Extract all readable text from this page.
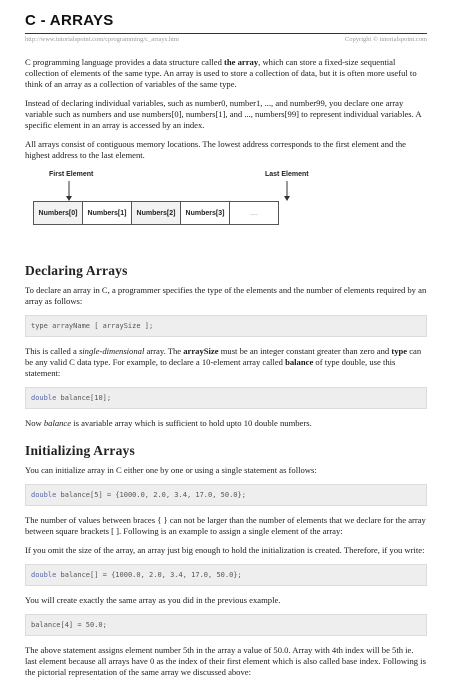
C - ARRAYS
http://www.tutorialspoint.com/cprogramming/c_arrays.htm	Copyright © tutorialspoint.com

C programming language provides a data structure called the array, which can store a fixed-size sequential collection of elements of the same type. An array is used to store a collection of data, but it is often more useful to think of an array as a collection of variables of the same type.

Instead of declaring individual variables, such as number0, number1, ..., and number99, you declare one array variable such as numbers and use numbers[0], numbers[1], and ..., numbers[99] to represent individual variables. A specific element in an array is accessed by an index.

All arrays consist of contiguous memory locations. The lowest address corresponds to the first element and the highest address to the last element.

First Element	Last Element
Numbers[0]	Numbers[1]	Numbers[2]	Numbers[3]	....
Declaring Arrays

To declare an array in C, a programmer specifies the type of the elements and the number of elements required by an array as follows:

type arrayName [ arraySize ];

This is called a single-dimensional array. The arraySize must be an integer constant greater than zero and type can be any valid C data type. For example, to declare a 10-element array called balance of type double, use this statement:

double balance[10];

Now balance is avariable array which is sufficient to hold upto 10 double numbers.

Initializing Arrays

You can initialize array in C either one by one or using a single statement as follows:

double balance[5] = {1000.0, 2.0, 3.4, 17.0, 50.0};

The number of values between braces { } can not be larger than the number of elements that we declare for the array between square brackets [ ]. Following is an example to assign a single element of the array:

If you omit the size of the array, an array just big enough to hold the initialization is created. Therefore, if you write:

double balance[] = {1000.0, 2.0, 3.4, 17.0, 50.0};

You will create exactly the same array as you did in the previous example.

balance[4] = 50.0;

The above statement assigns element number 5th in the array a value of 50.0. Array with 4th index will be 5th ie. last element because all arrays have 0 as the index of their first element which is also called base index. Following is the pictorial representation of the same array we discussed above:
